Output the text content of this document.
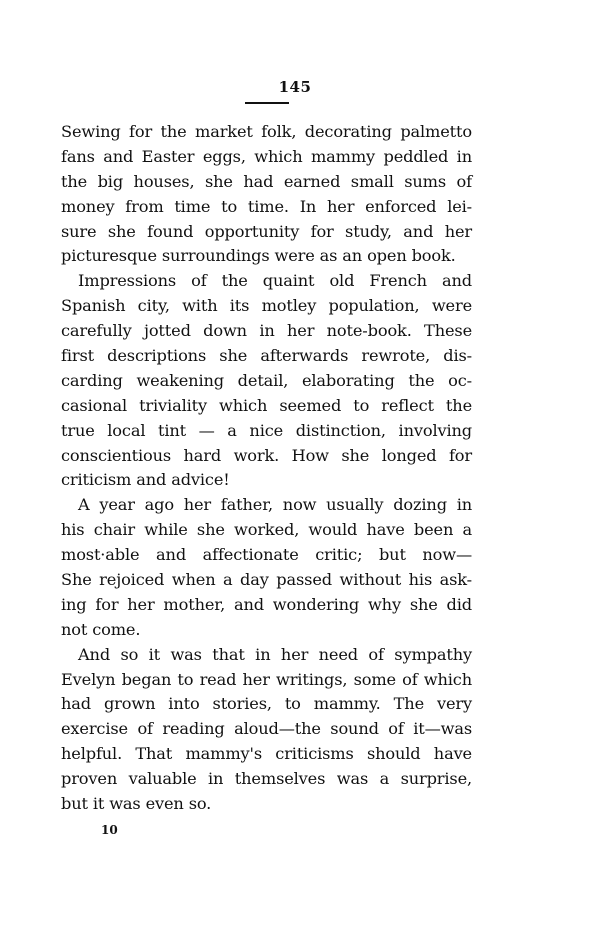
145
Sewing for the market folk, decorating palmetto
fans and Easter eggs, which mammy peddled in
the big houses, she had earned small sums of
money from time to time. In her enforced lei-
sure she found opportunity for study, and her
picturesque surroundings were as an open book.
Impressions of the quaint old French and
Spanish city, with its motley population, were
carefully jotted down in her note-book. These
first descriptions she afterwards rewrote, dis-
carding weakening detail, elaborating the oc-
casional triviality which seemed to reflect the
true local tint — a nice distinction, involving
conscientious hard work. How she longed for
criticism and advice!
A year ago her father, now usually dozing in
his chair while she worked, would have been a
most·able and affectionate critic; but now—
She rejoiced when a day passed without his ask-
ing for her mother, and wondering why she did
not come.
And so it was that in her need of sympathy
Evelyn began to read her writings, some of which
had grown into stories, to mammy. The very
exercise of reading aloud—the sound of it—was
helpful. That mammy's criticisms should have
proven valuable in themselves was a surprise,
but it was even so.
10
